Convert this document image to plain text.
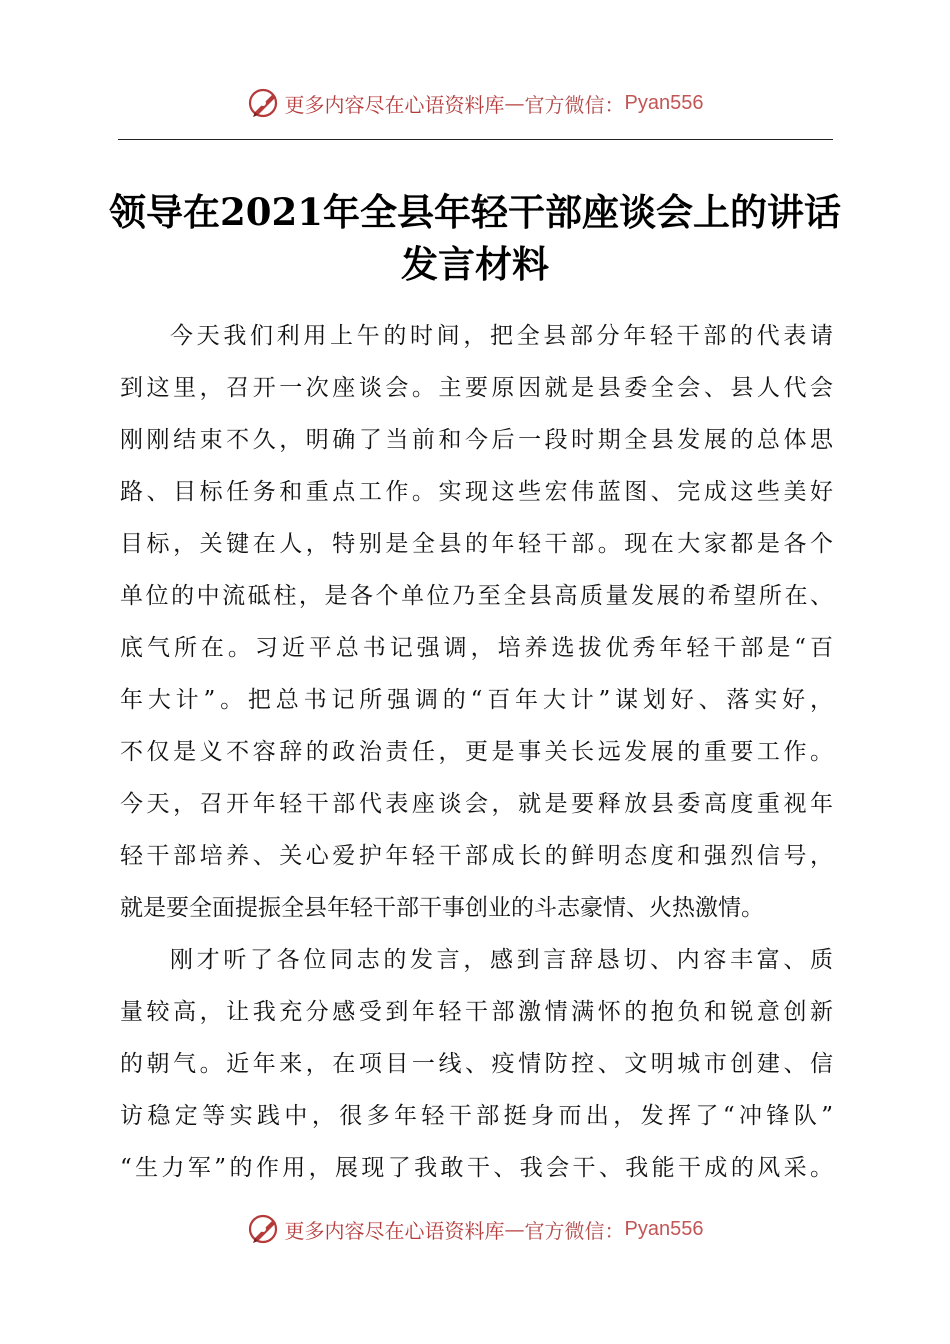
更多内容尽在心语资料库 — 官方微信： Pyan556
领导在2021年全县年轻干部座谈会上的讲话
发言材料
今天我们利用上午的时间，把全县部分年轻干部的代表请
到这里，召开一次座谈会。主要原因就是县委全会、县人代会
刚刚结束不久，明确了当前和今后一段时期全县发展的总体思
路、目标任务和重点工作。实现这些宏伟蓝图、完成这些美好
目标，关键在人，特别是全县的年轻干部。现在大家都是各个
单位的中流砥柱，是各个单位乃至全县高质量发展的希望所在、
底气所在。习近平总书记强调，培养选拔优秀年轻干部是“百
年大计”。把总书记所强调的“百年大计”谋划好、落实好，
不仅是义不容辞的政治责任，更是事关长远发展的重要工作。
今天，召开年轻干部代表座谈会，就是要释放县委高度重视年
轻干部培养、关心爱护年轻干部成长的鲜明态度和强烈信号，
就是要全面提振全县年轻干部干事创业的斗志豪情、火热激情。
刚才听了各位同志的发言，感到言辞恳切、内容丰富、质
量较高，让我充分感受到年轻干部激情满怀的抱负和锐意创新
的朝气。近年来，在项目一线、疫情防控、文明城市创建、信
访稳定等实践中，很多年轻干部挺身而出，发挥了“冲锋队”
“生力军”的作用，展现了我敢干、我会干、我能干成的风采。
更多内容尽在心语资料库 — 官方微信： Pyan556
